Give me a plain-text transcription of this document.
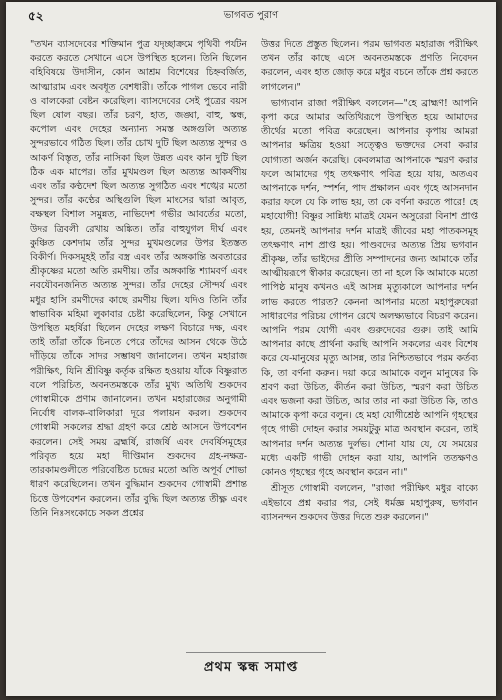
৫২	ভাগবত পুরাণ

"তখন ব্যাসদেবের শক্তিমান পুত্র যদৃচ্ছাক্রমে পৃথিবী পর্যটন করতে করতে সেখানে এসে উপস্থিত হলেন। তিনি ছিলেন বহিবিষয়ে উদাসীন, কোন আশ্রম বিশেষের চিহ্নবর্জিত, আত্মারাম এবং অবধূত বেশধারী। তাঁকে পাগল ভেবে নারী ও বালকেরা বেষ্টন করেছিল। ব্যাসদেবের সেই পুত্রের বয়স ছিল ষোল বছর। তাঁর চরণ, হাত, জঙ্ঘা, বাহু, স্কন্ধ, কপোল এবং দেহের অন্যান্য সমস্ত অঙ্গগুলি অত্যন্ত সুন্দরভাবে গঠিত ছিল। তাঁর চোখ দুটি ছিল অত্যন্ত সুন্দর ও আকর্ণ বিস্তৃত, তাঁর নাসিকা ছিল উন্নত এবং কান দুটি ছিল ঠিক এক মাপের। তাঁর মুখমণ্ডল ছিল অত্যন্ত আকর্ষণীয় এবং তাঁর কণ্ঠদেশ ছিল অত্যন্ত সুগঠিত এবং শঙ্খের মতো সুন্দর। তাঁর কণ্ঠের অস্থিগুলি ছিল মাংসের দ্বারা আবৃত, বক্ষস্থল বিশাল সমুন্নত, নাভিদেশ গভীর আবর্তের মতো, উদর ত্রিবলী রেখায় অঙ্কিত। তাঁর বাহুযুগল দীর্ঘ এবং কুঞ্চিত কেশদাম তাঁর সুন্দর মুখমণ্ডলের উপর ইতস্তত বিকীর্ণ। দিকসমূহই তাঁর বস্ত্র এবং তাঁর অঙ্গকান্তি অবতারের শ্রীকৃষ্ণের মতো অতি রমণীয়। তাঁর অঙ্গকান্তি শ্যামবর্ণ এবং নবযৌবনজনিত অত্যন্ত সুন্দর। তাঁর দেহের সৌন্দর্য এবং মধুর হাসি রমণীদের কাছে রমণীয় ছিল। যদিও তিনি তাঁর স্বাভাবিক মহিমা লুকাবার চেষ্টা করেছিলেন, কিন্তু সেখানে উপস্থিত মহর্ষিরা ছিলেন দেহের লক্ষণ বিচারে দক্ষ, এবং তাই তাঁরা তাঁকে চিনতে পেরে তাঁদের আসন থেকে উঠে দাঁড়িয়ে তাঁকে সাদর সম্ভাষণ জানালেন। তখন মহারাজ পরীক্ষিৎ, যিনি শ্রীবিষ্ণু কর্তৃক রক্ষিত হওয়ায় যাঁকে বিষ্ণুরাত বলে পরিচিত, অবনতমস্তকে তাঁর মুখ্য অতিথি শুকদেব গোস্বামীকে প্রণাম জানালেন। তখন মহারাজের অনুগামী নির্বোধ বালক-বালিকারা দূরে পলায়ন করল। শুকদেব গোস্বামী সকলের শ্রদ্ধা গ্রহণ করে শ্রেষ্ঠ আসনে উপবেশন করলেন। সেই সময় ব্রহ্মর্ষি, রাজর্ষি এবং দেবর্ষিসমূহের পরিবৃত হয়ে মহা দীপ্তিমান শুকদেব গ্রহ-নক্ষত্র-তারকামণ্ডলীতে পরিবেষ্টিত চন্দ্রের মতো অতি অপূর্ব শোভা ধারণ করেছিলেন। তখন বুদ্ধিমান শুকদেব গোস্বামী প্রশান্ত চিত্তে উপবেশন করলেন। তাঁর বুদ্ধি ছিল অত্যন্ত তীক্ষ্ণ এবং তিনি নিঃসংকোচে সকল প্রশ্নের

উত্তর দিতে প্রস্তুত ছিলেন। পরম ভাগবত মহারাজ পরীক্ষিৎ তখন তাঁর কাছে এসে অবনতমস্তকে প্রণতি নিবেদন করলেন, এবং হাত জোড় করে মধুর বচনে তাঁকে প্রশ্ন করতে লাগলেন।"

ভাগ্যবান রাজা পরীক্ষিৎ বললেন—"হে ব্রাহ্মণ! আপনি কৃপা করে আমার অতিথিরূপে উপস্থিত হয়ে আমাদের তীর্থের মতো পবিত্র করেছেন। আপনার কৃপায় আমরা আপনার ক্ষত্রিয় হওয়া সত্ত্বেও ভক্তদের সেবা করার যোগ্যতা অর্জন করেছি। কেবলমাত্র আপনাকে স্মরণ করার ফলে আমাদের গৃহ তৎক্ষণাৎ পবিত্র হয়ে যায়, অতএব আপনাকে দর্শন, স্পর্শন, পাদ প্রক্ষালন এবং গৃহে আসনদান করার ফলে যে কি লাভ হয়, তা কে বর্ণনা করতে পারে! হে মহাযোগী! বিষ্ণুর সান্নিধ্য মাত্রই যেমন অসুরেরা বিনাশ প্রাপ্ত হয়, তেমনই আপনার দর্শন মাত্রই জীবের মহা পাতকসমূহ তৎক্ষণাৎ নাশ প্রাপ্ত হয়। পাণ্ডবদের অত্যন্ত প্রিয় ভগবান শ্রীকৃষ্ণ, তাঁর ভাইদের প্রীতি সম্পাদনের জন্য আমাকে তাঁর আত্মীয়রূপে স্বীকার করেছেন। তা না হলে কি আমাকে মতো পাপিষ্ঠ মানুষ কখনও এই আসন্ন মৃত্যুকালে আপনার দর্শন লাভ করতে পারত? কেননা আপনার মতো মহাপুরুষেরা সাধারণের পরিচয় গোপন রেখে অলক্ষ্যভাবে বিচরণ করেন। আপনি পরম যোগী এবং গুরুদেবের গুরু। তাই আমি আপনার কাছে প্রার্থনা করছি আপনি সকলের এবং বিশেষ করে যে-মানুষের মৃত্যু আসন্ন, তার নিশ্চিতভাবে পরম কর্তব্য কি, তা বর্ণনা করুন। দয়া করে আমাকে বলুন মানুষের কি শ্রবণ করা উচিত, কীর্তন করা উচিত, স্মরণ করা উচিত এবং ভজনা করা উচিত, আর তার না করা উচিত কি, তাও আমাকে কৃপা করে বলুন। হে মহা যোগীশ্রেষ্ঠ আপনি গৃহস্থের গৃহে গাভী দোহন করার সময়টুকু মাত্র অবস্থান করেন, তাই আপনার দর্শন অত্যন্ত দুর্লভ। শোনা যায় যে, যে সময়ের মধ্যে একটি গাভী দোহন করা যায়, আপনি ততক্ষণও কোনও গৃহস্থের গৃহে অবস্থান করেন না।"

শ্রীসূত গোস্বামী বললেন, "রাজা পরীক্ষিৎ মধুর বাক্যে এইভাবে প্রশ্ন করার পর, সেই ধর্মজ্ঞ মহাপুরুষ, ভগবান ব্যাসনন্দন শুকদেব উত্তর দিতে শুরু করলেন।"

প্রথম স্কন্ধ সমাপ্ত
